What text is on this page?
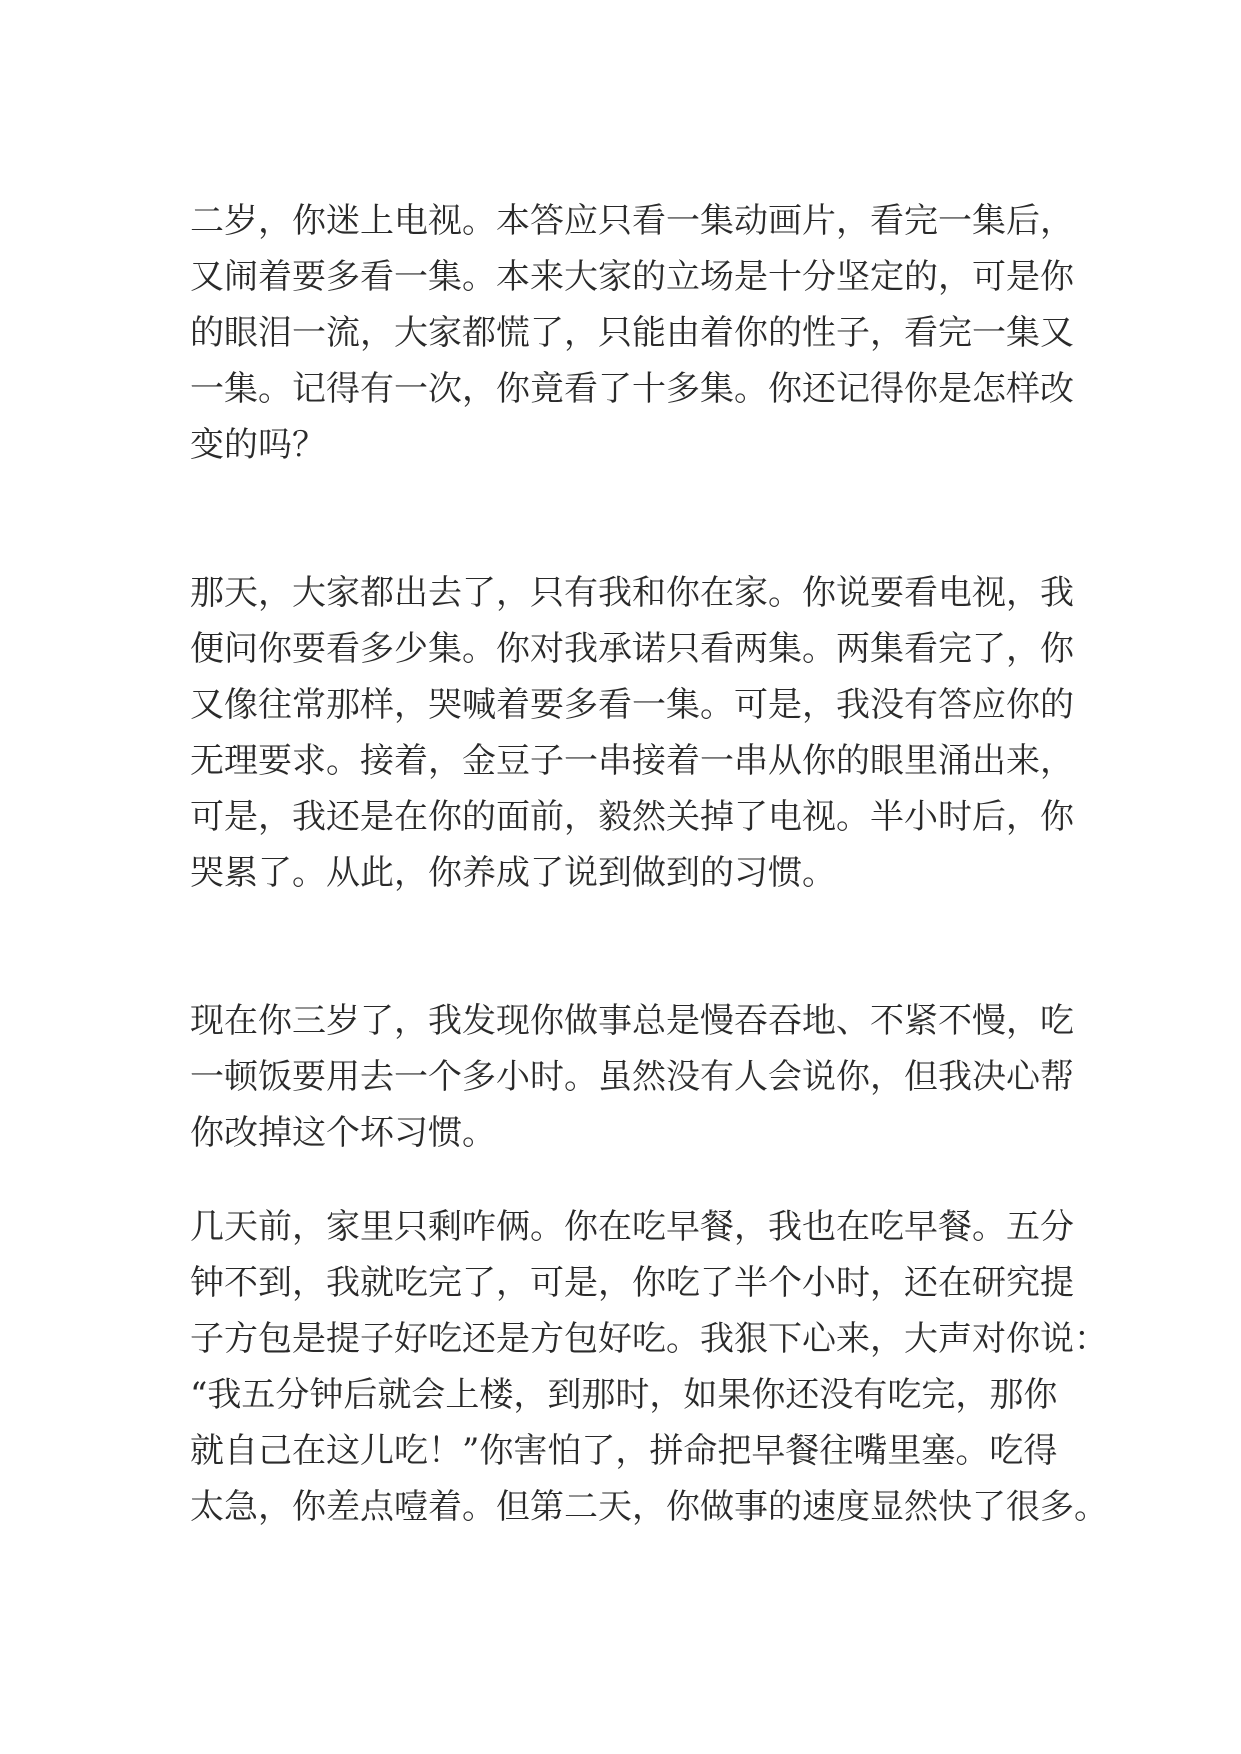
二岁，你迷上电视。本答应只看一集动画片，看完一集后，
又闹着要多看一集。本来大家的立场是十分坚定的，可是你
的眼泪一流，大家都慌了，只能由着你的性子，看完一集又
一集。记得有一次，你竟看了十多集。你还记得你是怎样改
变的吗？
那天，大家都出去了，只有我和你在家。你说要看电视，我
便问你要看多少集。你对我承诺只看两集。两集看完了，你
又像往常那样，哭喊着要多看一集。可是，我没有答应你的
无理要求。接着，金豆子一串接着一串从你的眼里涌出来，
可是，我还是在你的面前，毅然关掉了电视。半小时后，你
哭累了。从此，你养成了说到做到的习惯。
现在你三岁了，我发现你做事总是慢吞吞地、不紧不慢，吃
一顿饭要用去一个多小时。虽然没有人会说你，但我决心帮
你改掉这个坏习惯。
几天前，家里只剩咋俩。你在吃早餐，我也在吃早餐。五分
钟不到，我就吃完了，可是，你吃了半个小时，还在研究提
子方包是提子好吃还是方包好吃。我狠下心来，大声对你说：
“我五分钟后就会上楼，到那时，如果你还没有吃完，那你
就自己在这儿吃！”你害怕了，拼命把早餐往嘴里塞。吃得
太急，你差点噎着。但第二天，你做事的速度显然快了很多。
